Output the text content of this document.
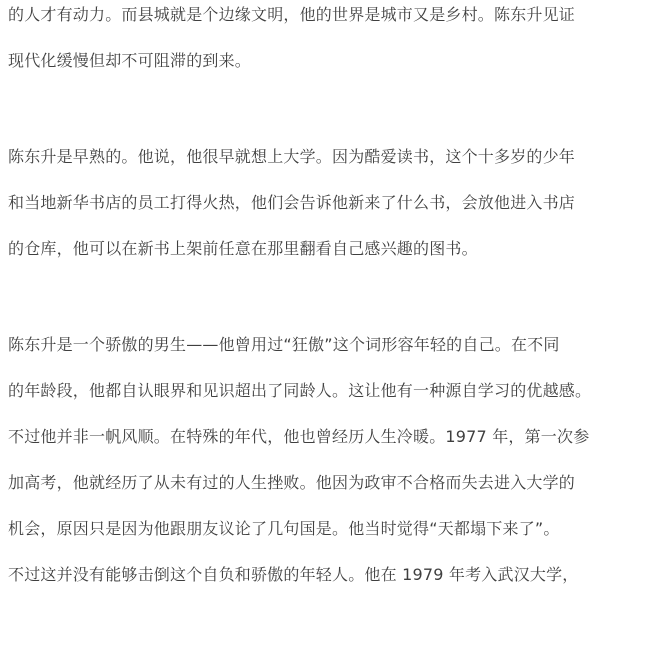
的人才有动力。而县城就是个边缘文明，他的世界是城市又是乡村。陈东升见证
现代化缓慢但却不可阻滞的到来。
陈东升是早熟的。他说，他很早就想上大学。因为酷爱读书，这个十多岁的少年
和当地新华书店的员工打得火热，他们会告诉他新来了什么书，会放他进入书店
的仓库，他可以在新书上架前任意在那里翻看自己感兴趣的图书。
陈东升是一个骄傲的男生——他曾用过“狂傲”这个词形容年轻的自己。在不同
的年龄段，他都自认眼界和见识超出了同龄人。这让他有一种源自学习的优越感。
不过他并非一帆风顺。在特殊的年代，他也曾经历人生冷暖。1977 年，第一次参
加高考，他就经历了从未有过的人生挫败。他因为政审不合格而失去进入大学的
机会，原因只是因为他跟朋友议论了几句国是。他当时觉得“天都塌下来了”。
不过这并没有能够击倒这个自负和骄傲的年轻人。他在 1979 年考入武汉大学，
